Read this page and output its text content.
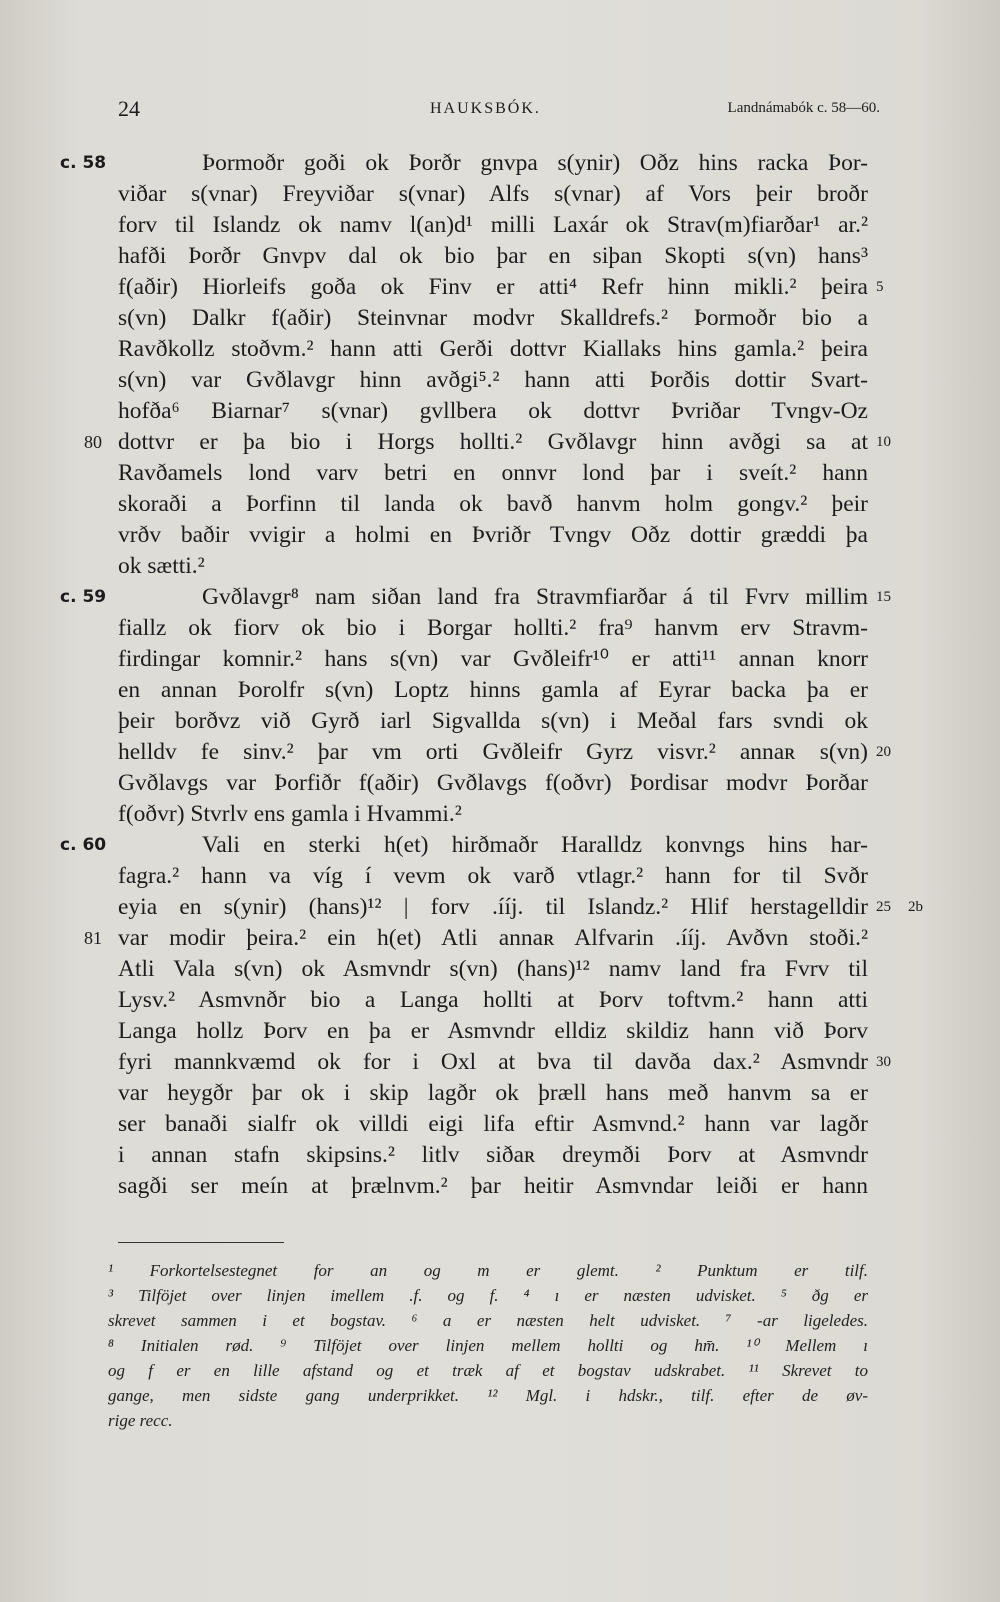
24	HAUKSBÓK.	Landnámabók c. 58—60.
Þormoðr goði ok Þorðr gnvpa s(ynir) Oðz hins racka Þor-
c. 58
viðar s(vnar) Freyviðar s(vnar) Alfs s(vnar) af Vors þeir broðr
forv til Islandz ok namv l(an)d¹ milli Laxár ok Strav(m)fiarðar¹ ar.²
hafði Þorðr Gnvpv dal ok bio þar en siþan Skopti s(vn) hans³
f(aðir) Hiorleifs goða ok Finv er atti⁴ Refr hinn mikli.² þeira 5
s(vn) Dalkr f(aðir) Steinvnar modvr Skalldrefs.² Þormoðr bio a
Ravðkollz stoðvm.² hann atti Gerði dottvr Kiallaks hins gamla.² þeira
s(vn) var Gvðlavgr hinn avðgi⁵.² hann atti Þorðis dottir Svart-
hofða⁶ Biarnar⁷ s(vnar) gvllbera ok dottvr Þvriðar Tvngv-Oz
dottvr er þa bio i Horgs hollti.² Gvðlavgr hinn avðgi sa at
80	10
Ravðamels lond varv betri en onnvr lond þar i sveít.² hann
skoraði a Þorfinn til landa ok bavð hanvm holm gongv.² þeir
vrðv baðir vvigir a holmi en Þvriðr Tvngv Oðz dottir græddi þa
ok sætti.²
Gvðlavgr⁸ nam siðan land fra Stravmfiarðar á til Fvrv millim
c. 59	15
fiallz ok fiorv ok bio i Borgar hollti.² fra⁹ hanvm erv Stravm-
firdingar komnir.² hans s(vn) var Gvðleifr¹⁰ er atti¹¹ annan knorr
en annan Þorolfr s(vn) Loptz hinns gamla af Eyrar backa þa er
þeir borðvz við Gyrð iarl Sigvallda s(vn) i Meðal fars svndi ok
helldv fe sinv.² þar vm orti Gvðleifr Gyrz visvr.² annaʀ s(vn) 20
Gvðlavgs var Þorfiðr f(aðir) Gvðlavgs f(oðvr) Þordisar modvr Þorðar
f(oðvr) Stvrlv ens gamla i Hvammi.²
Vali en sterki h(et) hirðmaðr Haralldz konvngs hins har-
c. 60
fagra.² hann va víg í vevm ok varð vtlagr.² hann for til Svðr
eyia en s(ynir) (hans)¹² | forv .ííj. til Islandz.² Hlif herstagelldir 25 2b
var modir þeira.² ein h(et) Atli annaʀ Alfvarin .ííj. Avðvn stoði.²
81
Atli Vala s(vn) ok Asmvndr s(vn) (hans)¹² namv land fra Fvrv til
Lysv.² Asmvnðr bio a Langa hollti at Þorv toftvm.² hann atti
Langa hollz Þorv en þa er Asmvndr elldiz skildiz hann við Þorv
fyri mannkvæmd ok for i Oxl at bva til davða dax.² Asmvndr 30
var heygðr þar ok i skip lagðr ok þræll hans með hanvm sa er
ser banaði sialfr ok villdi eigi lifa eftir Asmvnd.² hann var lagðr
i annan stafn skipsins.² litlv siðaʀ dreymði Þorv at Asmvndr
sagði ser meín at þrælnvm.² þar heitir Asmvndar leiði er hann
¹ Forkortelsestegnet for an og m er glemt. ² Punktum er tilf.
³ Tilföjet over linjen imellem .f. og f. ⁴ ı er næsten udvisket. ⁵ ðg er
skrevet sammen i et bogstav. ⁶ a er næsten helt udvisket. ⁷ -ar ligeledes.
⁸ Initialen rød. ⁹ Tilföjet over linjen mellem hollti og hm̄. ¹⁰ Mellem ı
og f er en lille afstand og et træk af et bogstav udskrabet. ¹¹ Skrevet to
gange, men sidste gang underprikket. ¹² Mgl. i hdskr., tilf. efter de øv-
rige recc.
